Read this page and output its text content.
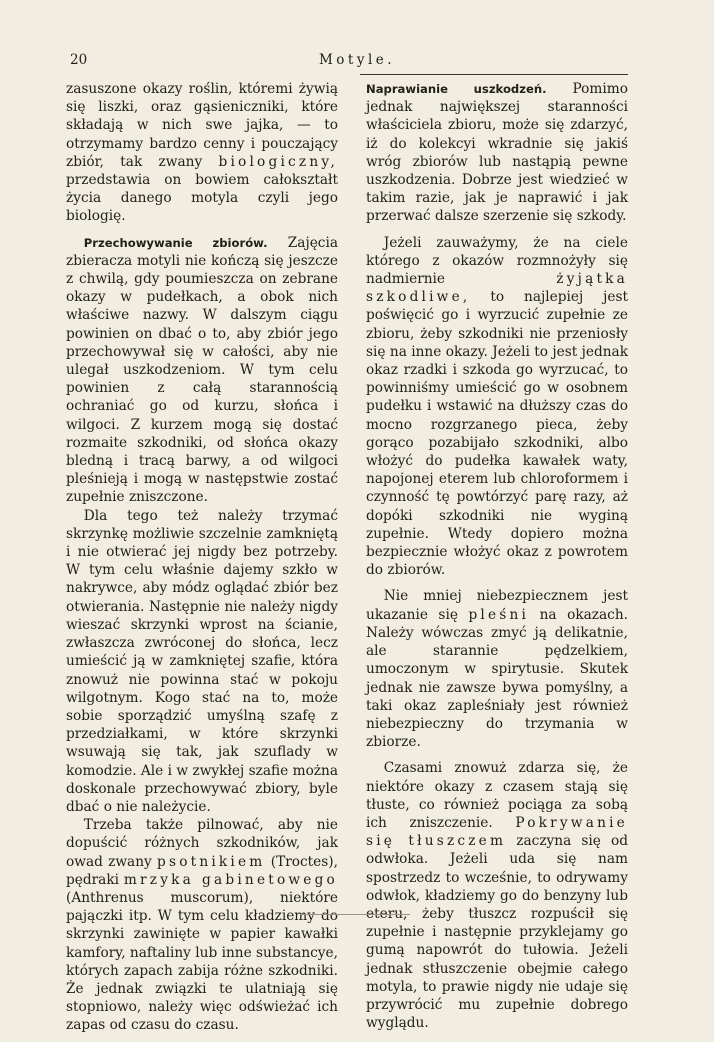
20	Motyle.

zasuszone okazy roślin, któremi żywią się liszki, oraz gąsieniczniki, które składają w nich swe jajka, — to otrzymamy bardzo cenny i pouczający zbiór, tak zwany biologiczny, przedstawia on bowiem całokształt życia danego motyla czyli jego biologię.

Przechowywanie zbiorów. Zajęcia zbieracza motyli nie kończą się jeszcze z chwilą, gdy poumieszcza on zebrane okazy w pudełkach, a obok nich właściwe nazwy. W dalszym ciągu powinien on dbać o to, aby zbiór jego przechowywał się w całości, aby nie ulegał uszkodzeniom. W tym celu powinien z całą starannością ochraniać go od kurzu, słońca i wilgoci. Z kurzem mogą się dostać rozmaite szkodniki, od słońca okazy bledną i tracą barwy, a od wilgoci pleśnieją i mogą w następstwie zostać zupełnie zniszczone.

Dla tego też należy trzymać skrzynkę możliwie szczelnie zamkniętą i nie otwierać jej nigdy bez potrzeby. W tym celu właśnie dajemy szkło w nakrywce, aby módz oglądać zbiór bez otwierania. Następnie nie należy nigdy wieszać skrzynki wprost na ścianie, zwłaszcza zwróconej do słońca, lecz umieścić ją w zamkniętej szafie, która znowuż nie powinna stać w pokoju wilgotnym. Kogo stać na to, może sobie sporządzić umyślną szafę z przedziałkami, w które skrzynki wsuwają się tak, jak szuflady w komodzie. Ale i w zwykłej szafie można doskonale przechowywać zbiory, byle dbać o nie należycie.

Trzeba także pilnować, aby nie dopuścić różnych szkodników, jak owad zwany psotnikiem (Troctes), pędraki mrzyka gabinetowego (Anthrenus muscorum), niektóre pajączki itp. W tym celu kładziemy do skrzynki zawinięte w papier kawałki kamfory, naftaliny lub inne substancye, których zapach zabija różne szkodniki. Że jednak związki te ulatniają się stopniowo, należy więc odświeżać ich zapas od czasu do czasu.

Naprawianie uszkodzeń. Pomimo jednak największej staranności właściciela zbioru, może się zdarzyć, iż do kolekcyi wkradnie się jakiś wróg zbiorów lub nastąpią pewne uszkodzenia. Dobrze jest wiedzieć w takim razie, jak je naprawić i jak przerwać dalsze szerzenie się szkody.

Jeżeli zauważymy, że na ciele którego z okazów rozmnożyły się nadmiernie	żyjątka szkodliwe, to najlepiej jest poświęcić go i wyrzucić zupełnie ze zbioru, żeby szkodniki nie przeniosły się na inne okazy. Jeżeli to jest jednak okaz rzadki i szkoda go wyrzucać, to powinniśmy umieścić go w osobnem pudełku i wstawić na dłuższy czas do mocno rozgrzanego pieca, żeby gorąco pozabijało szkodniki, albo włożyć do pudełka kawałek waty, napojonej eterem lub chloroformem i czynność tę powtórzyć parę razy, aż dopóki szkodniki nie wyginą zupełnie. Wtedy dopiero można bezpiecznie włożyć okaz z powrotem do zbiorów.

Nie mniej niebezpiecznem jest ukazanie się pleśni na okazach. Należy wówczas zmyć ją delikatnie, ale starannie pędzelkiem, umoczonym w spirytusie. Skutek jednak nie zawsze bywa pomyślny, a taki okaz zapleśniały jest również niebezpieczny do trzymania w zbiorze.

Czasami znowuż zdarza się, że niektóre okazy z czasem stają się tłuste, co również pociąga za sobą ich zniszczenie. Pokrywanie się tłuszczem zaczyna się od odwłoka. Jeżeli uda się nam spostrzedz to wcześnie, to odrywamy odwłok, kładziemy go do benzyny lub eteru, żeby tłuszcz rozpuścił się zupełnie i następnie przyklejamy go gumą napowrót do tułowia. Jeżeli jednak stłuszczenie obejmie całego motyla, to prawie nigdy nie udaje się przywrócić mu zupełnie dobrego wyglądu.
